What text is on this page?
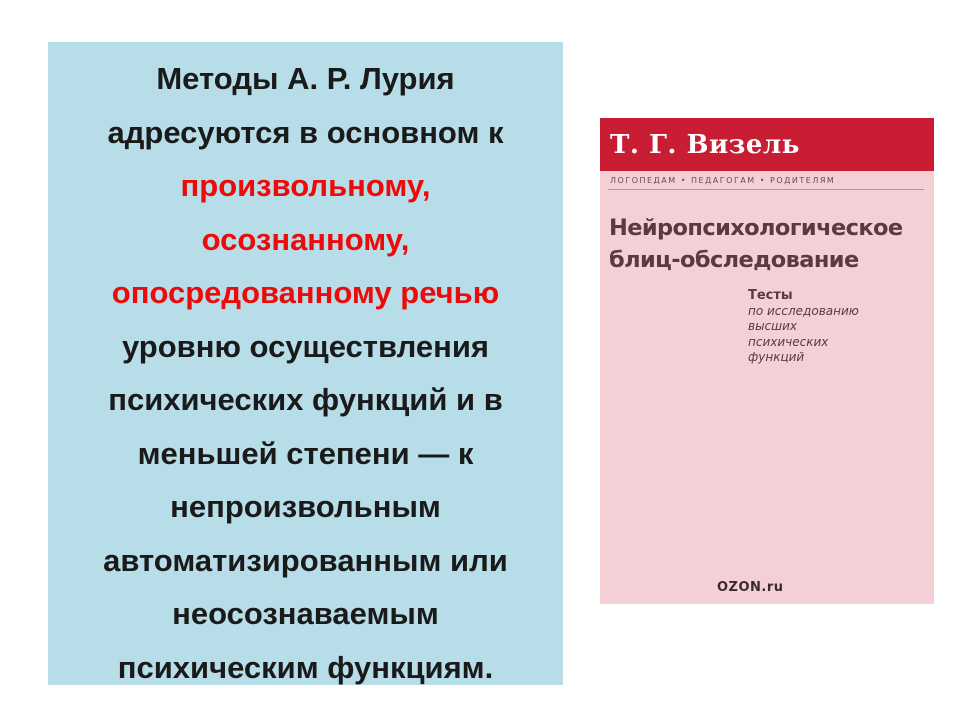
Методы А. Р. Лурия
адресуются в основном к
произвольному,
осознанному,
опосредованному речью
уровню осуществления
психических функций и в
меньшей степени — к
непроизвольным
автоматизированным или
неосознаваемым
психическим функциям.
Т. Г. Визель
ЛОГОПЕДАМ • ПЕДАГОГАМ • РОДИТЕЛЯМ
Нейропсихологическое
блиц-обследование
Тесты
по исследованию
высших
психических
функций
OZON.ru
